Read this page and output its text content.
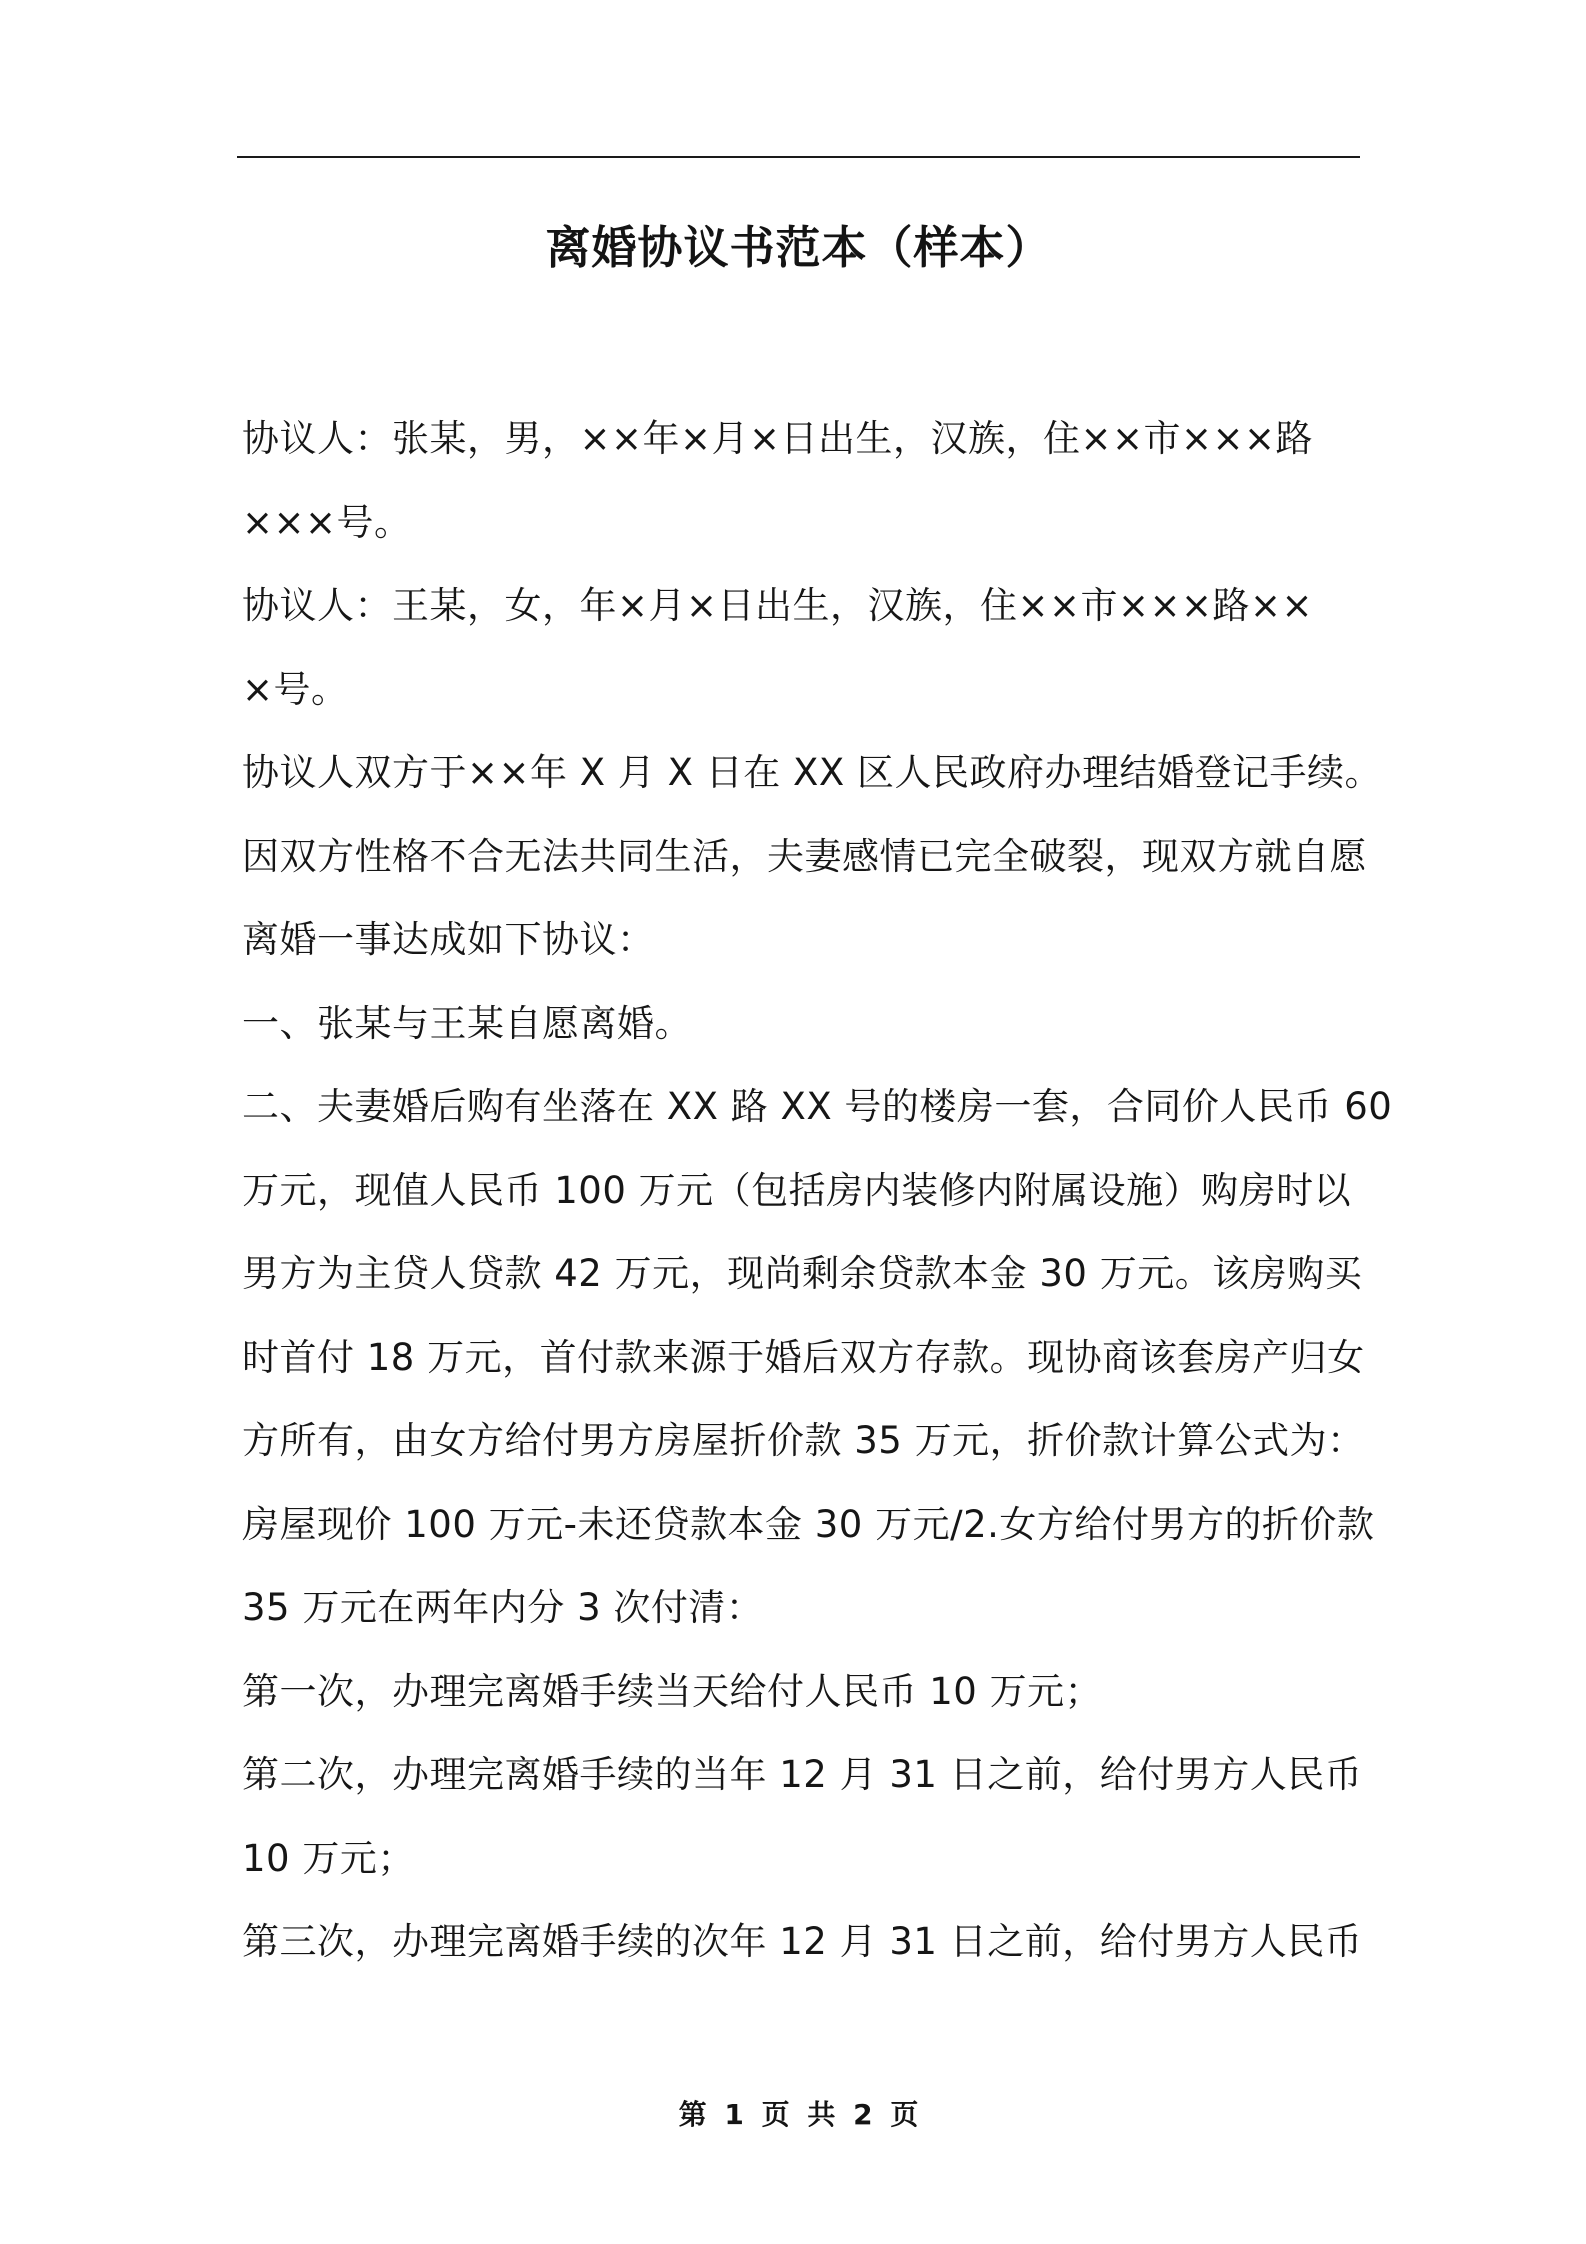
离婚协议书范本（样本）
协议人：张某，男，××年×月×日出生，汉族，住××市×××路
×××号。
协议人：王某，女，年×月×日出生，汉族，住××市×××路××
×号。
协议人双方于××年 X 月 X 日在 XX 区人民政府办理结婚登记手续。
因双方性格不合无法共同生活，夫妻感情已完全破裂，现双方就自愿
离婚一事达成如下协议：
一、张某与王某自愿离婚。
二、夫妻婚后购有坐落在 XX 路 XX 号的楼房一套，合同价人民币 60
万元，现值人民币 100 万元（包括房内装修内附属设施）购房时以
男方为主贷人贷款 42 万元，现尚剩余贷款本金 30 万元。该房购买
时首付 18 万元，首付款来源于婚后双方存款。现协商该套房产归女
方所有，由女方给付男方房屋折价款 35 万元，折价款计算公式为：
房屋现价 100 万元-未还贷款本金 30 万元/2.女方给付男方的折价款
35 万元在两年内分 3 次付清：
第一次，办理完离婚手续当天给付人民币 10 万元；
第二次，办理完离婚手续的当年 12 月 31 日之前，给付男方人民币
10 万元；
第三次，办理完离婚手续的次年 12 月 31 日之前，给付男方人民币
第 1 页 共 2 页
